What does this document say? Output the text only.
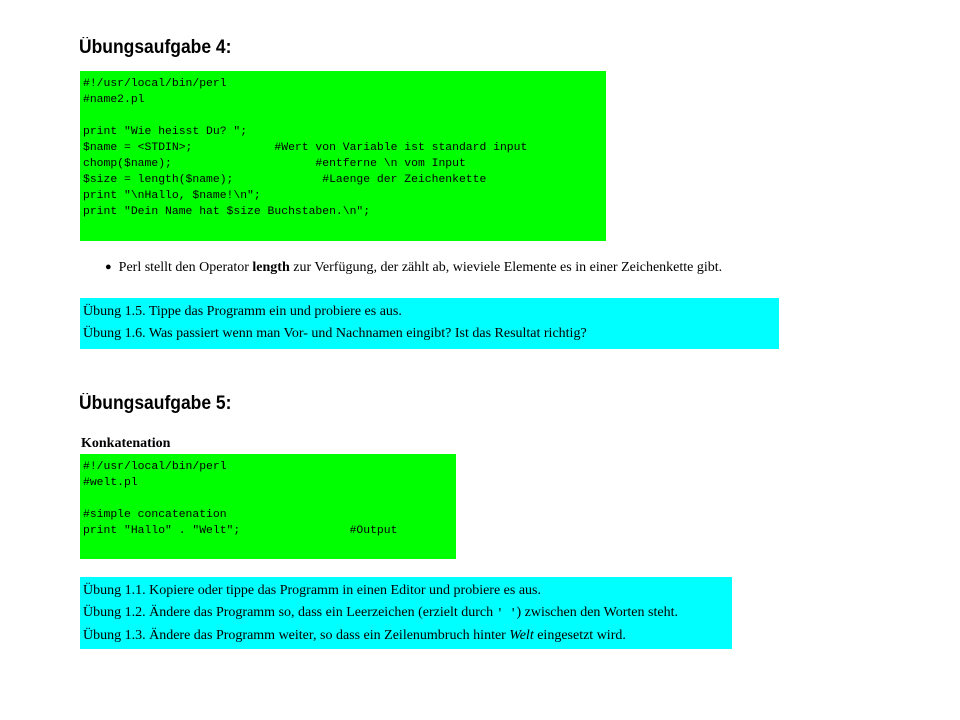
Übungsaufgabe 4:
#!/usr/local/bin/perl
#name2.pl
print "Wie heisst Du? ";
$name = <STDIN>;            #Wert von Variable ist standard input
chomp($name);                     #entferne \n vom Input
$size = length($name);             #Laenge der Zeichenkette
print "\nHallo, $name!\n";
print "Dein Name hat $size Buchstaben.\n";
● Perl stellt den Operator length zur Verfügung, der zählt ab, wieviele Elemente es in einer Zeichenkette gibt.
Übung 1.5. Tippe das Programm ein und probiere es aus.
Übung 1.6. Was passiert wenn man Vor- und Nachnamen eingibt? Ist das Resultat richtig?
Übungsaufgabe 5:
Konkatenation
#!/usr/local/bin/perl
#welt.pl
#simple concatenation
print "Hallo" . "Welt";                #Output
Übung 1.1. Kopiere oder tippe das Programm in einen Editor und probiere es aus.
Übung 1.2. Ändere das Programm so, dass ein Leerzeichen (erzielt durch ' ') zwischen den Worten steht.
Übung 1.3. Ändere das Programm weiter, so dass ein Zeilenumbruch hinter Welt eingesetzt wird.
